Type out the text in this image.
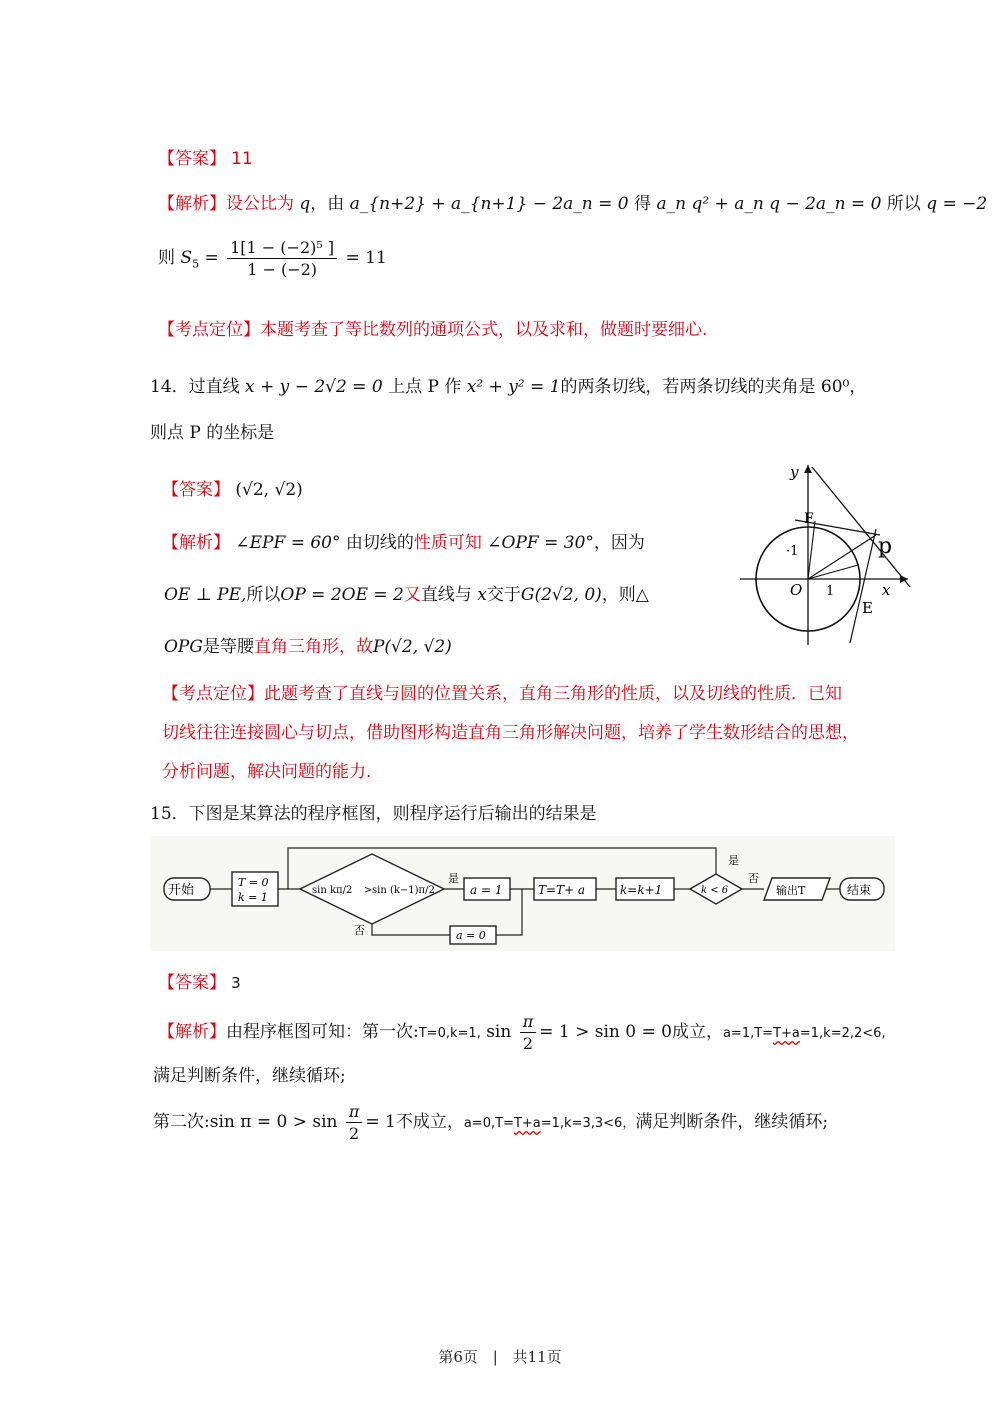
【答案】 11
【解析】设公比为 q，由 a_{n+2} + a_{n+1} − 2a_n = 0 得 a_n q² + a_n q − 2a_n = 0 所以 q = −2
则 $S_5 = \frac{\text{1[1 − (−2)⁵ ]}}{1 - (-2)} = 11$
【考点定位】本题考查了等比数列的通项公式，以及求和，做题时要细心.
14．过直线 x + y − 2√2 = 0 上点 P 作 x² + y² = 1的两条切线，若两条切线的夹角是 60⁰，
则点 P 的坐标是
【答案】 (√2, √2)
【解析】 ∠EPF = 60° 由切线的性质可知 ∠OPF = 30°，因为
OE ⊥ PE,所以OP = 2OE = 2又直线与 x交于G(2√2, 0)，则△
OPG是等腰直角三角形，故P(√2, √2)
y
x
O 1
·1
F
p
E
【考点定位】此题考查了直线与圆的位置关系，直角三角形的性质，以及切线的性质．已知
切线往往连接圆心与切点，借助图形构造直角三角形解决问题，培养了学生数形结合的思想，
分析问题，解决问题的能力.
15．下图是某算法的程序框图，则程序运行后输出的结果是
开始
T = 0
k = 1
sin kπ/2 > sin (k−1)π/2
是
否
a = 1
a = 0
T=T+ a	k=k+1	k < 6
是
否
输出T	结束
【答案】 3
【解析】由程序框图可知：第一次:T=0,k=1, $\sin \frac{\pi}{2} = 1 > \sin 0 = 0$成立，a=1,T=T+a=1,k=2,2<6,
满足判断条件，继续循环;
第二次:sin $\pi = 0 > \sin \frac{\pi}{2} = 1$不成立，a=0,T=T+a=1,k=3,3<6，满足判断条件，继续循环;
第6页 | 共11页
